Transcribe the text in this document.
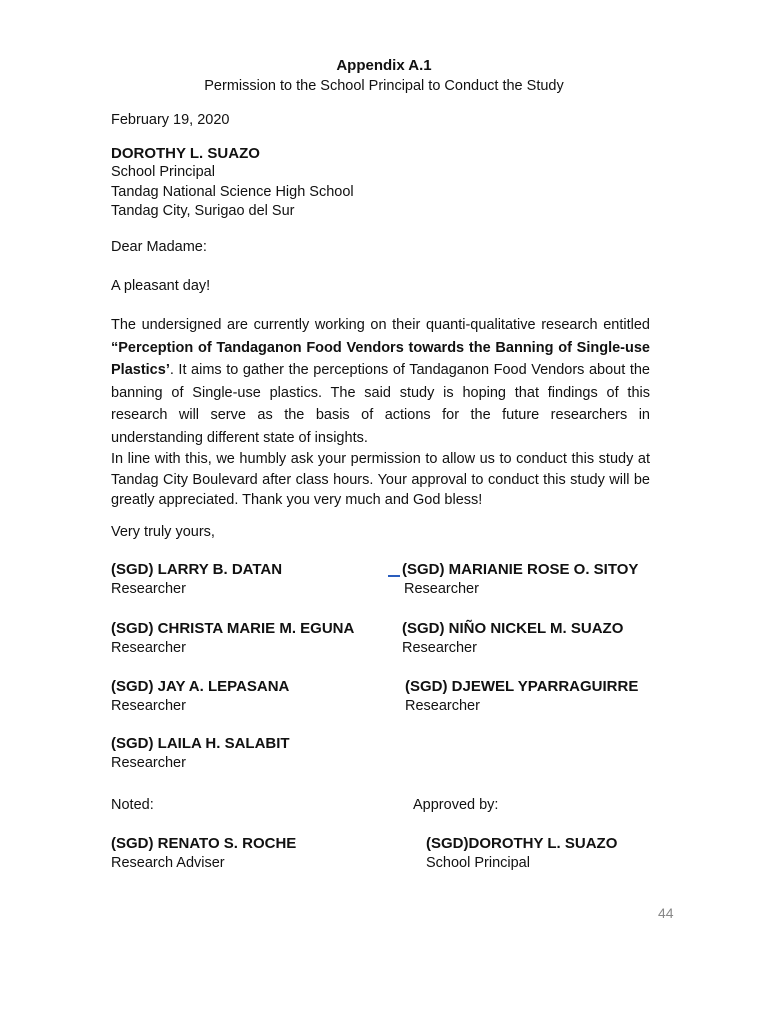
Appendix A.1
Permission to the School Principal to Conduct the Study
February 19, 2020
DOROTHY L. SUAZO
School Principal
Tandag National Science High School
Tandag City, Surigao del Sur
Dear Madame:
A pleasant day!
The undersigned are currently working on their quanti-qualitative research entitled “Perception of Tandaganon Food Vendors towards the Banning of Single-use Plastics’. It aims to gather the perceptions of Tandaganon Food Vendors about the banning of Single-use plastics. The said study is hoping that findings of this research will serve as the basis of actions for the future researchers in understanding different state of insights.
In line with this, we humbly ask your permission to allow us to conduct this study at Tandag City Boulevard after class hours. Your approval to conduct this study will be greatly appreciated. Thank you very much and God bless!
Very truly yours,
(SGD) LARRY B. DATAN
Researcher
(SGD) MARIANIE ROSE O. SITOY
Researcher
(SGD) CHRISTA MARIE M. EGUNA
Researcher
(SGD) NIÑO NICKEL M. SUAZO
Researcher
(SGD) JAY A. LEPASANA
Researcher
(SGD) DJEWEL YPARRAGUIRRE
Researcher
(SGD) LAILA H. SALABIT
Researcher
Noted:	Approved by:
(SGD) RENATO S. ROCHE
Research Adviser
(SGD)DOROTHY L. SUAZO
School Principal
44
